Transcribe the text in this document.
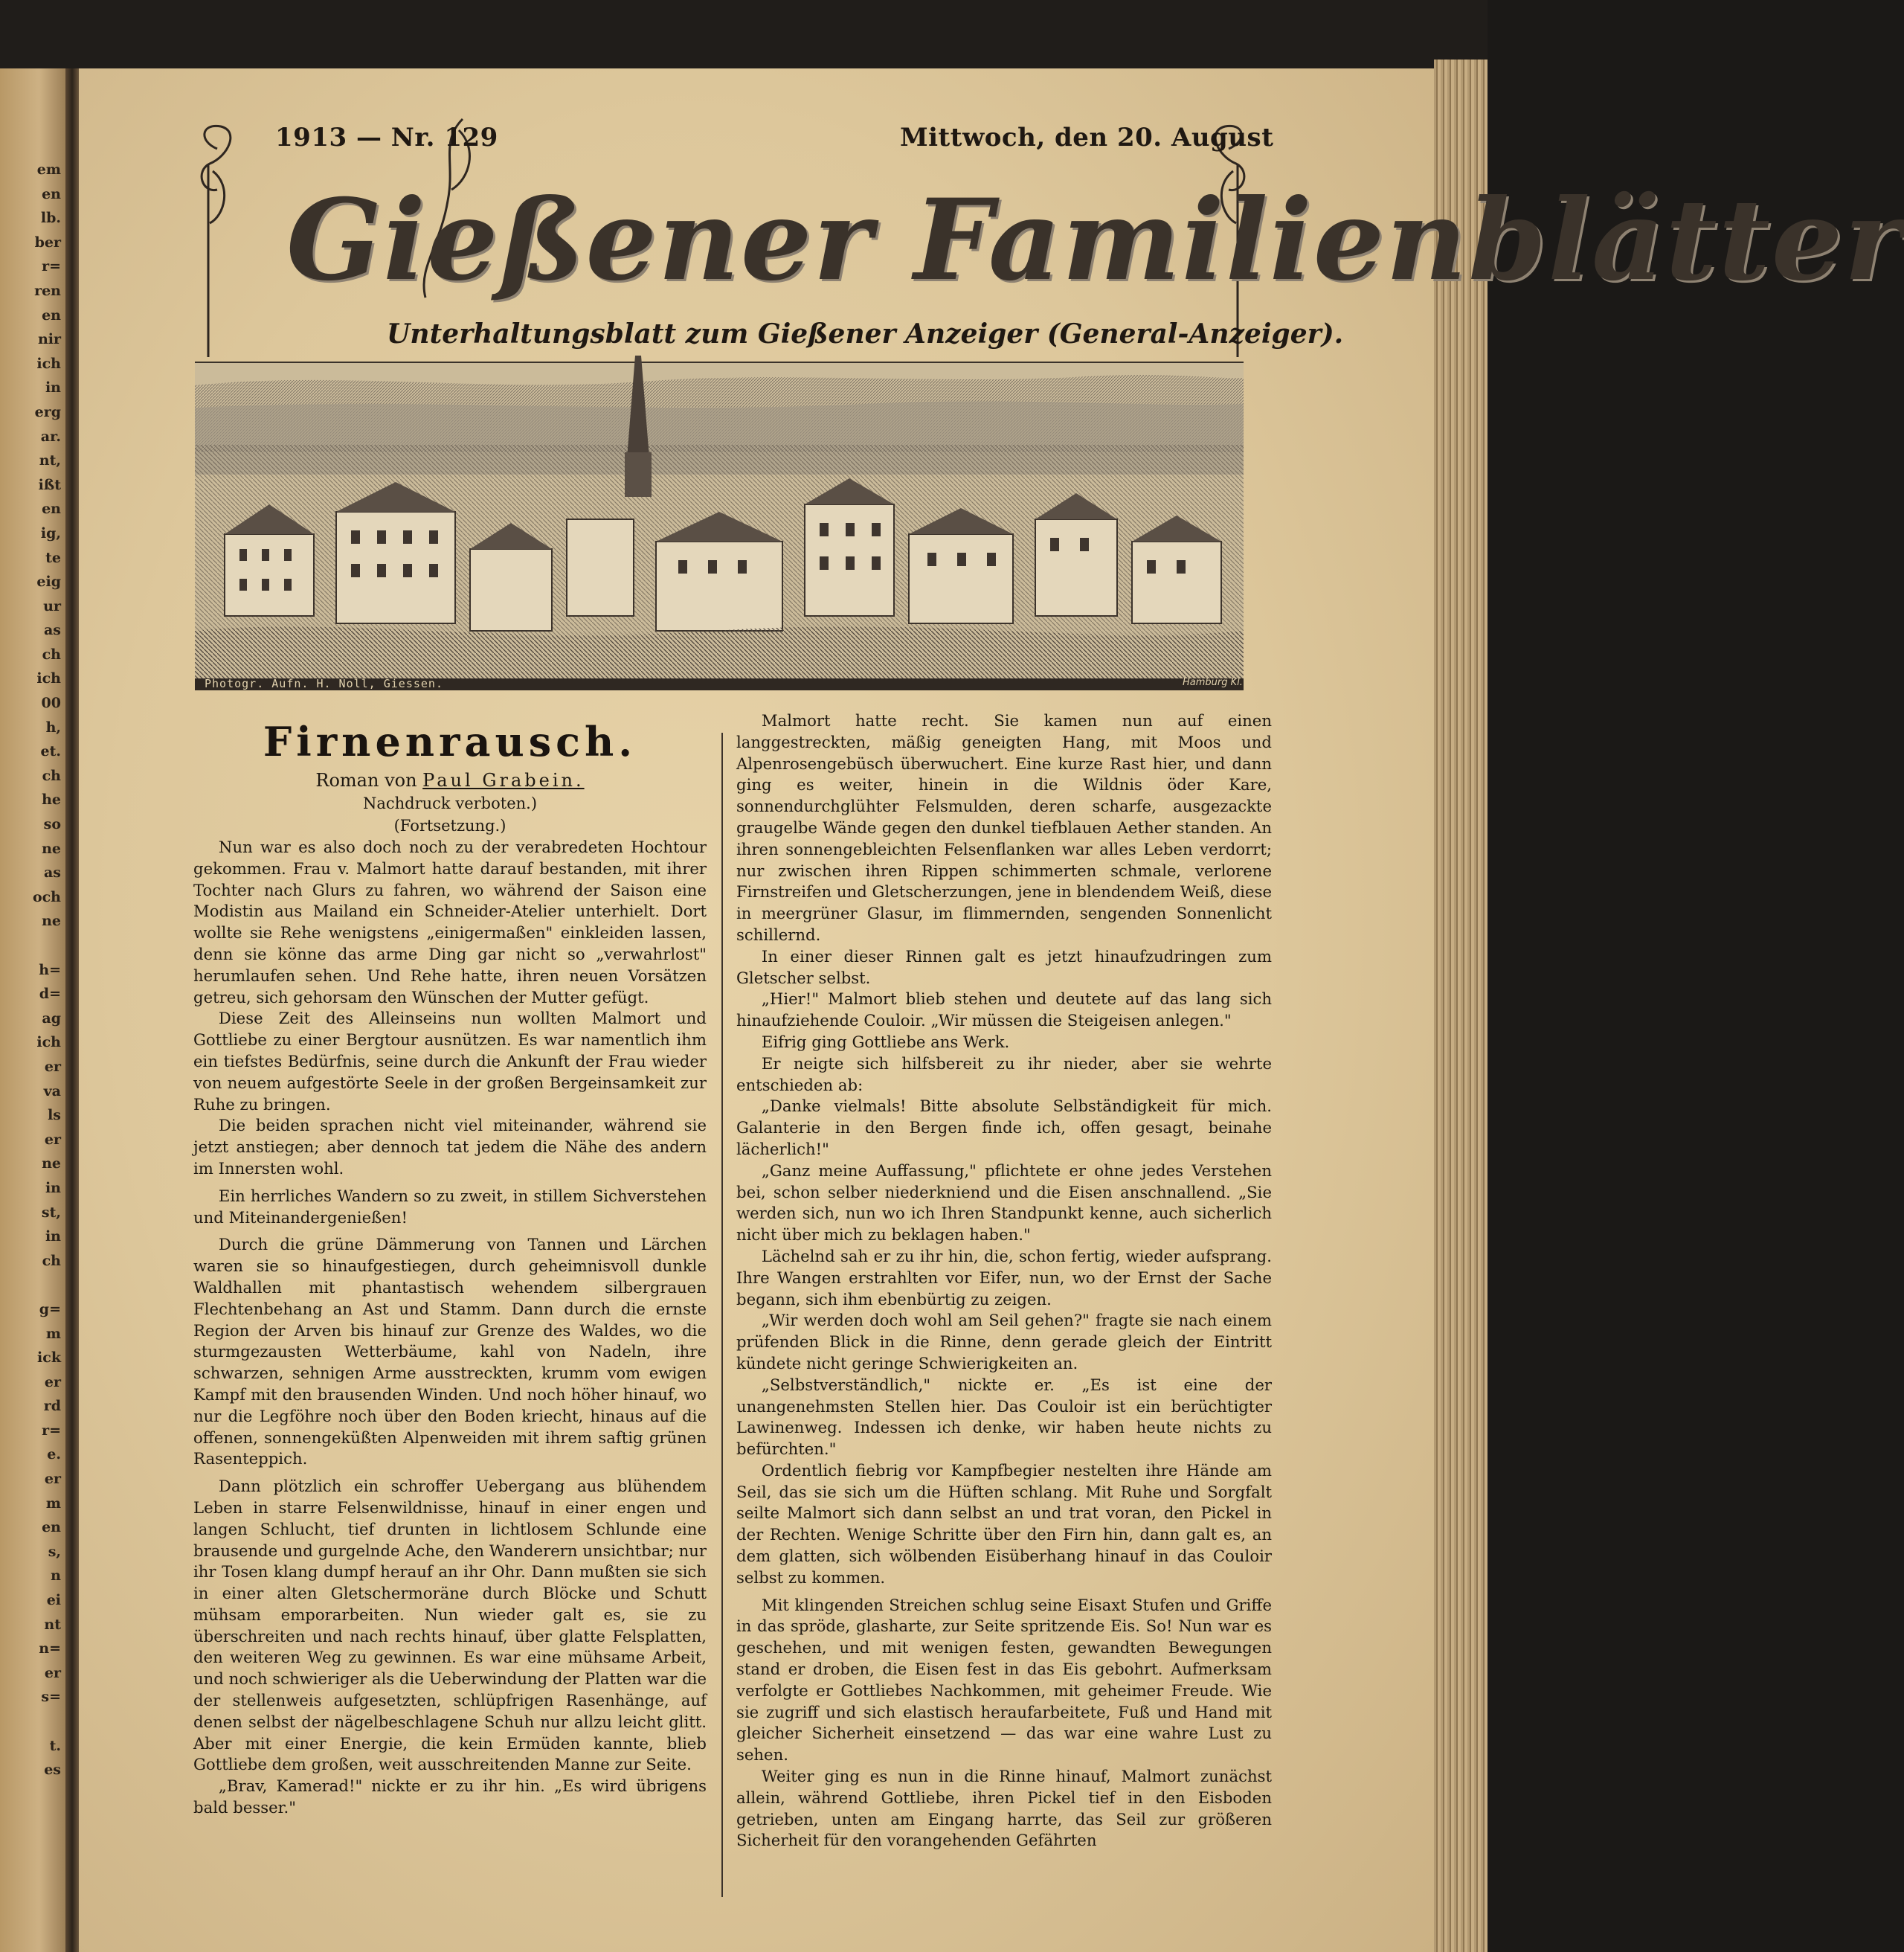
em
en
lb.
ber
r=
ren
en
nir
ich
in
erg
ar.
nt,
ißt
en
ig,
te
eig
ur
as
ch
ich
00
h,
et.
ch
he
so
ne
as
och
ne
h=
d=
ag
ich
er
va
ls
er
ne
in
st,
in
ch
g=
m
ick
er
rd
r=
e.
er
m
en
s,
n
ei
nt
n=
er
s=
t.
es
1913 — Nr. 129	Mittwoch, den 20. August
Gießener Familienblätter
Unterhaltungsblatt zum Gießener Anzeiger (General-Anzeiger).
Photogr. Aufn. H. Noll, Giessen.	Hamburg Kl.
Firnenrausch.

Roman von Paul Grabein.

Nachdruck verboten.)

(Fortsetzung.)

Nun war es also doch noch zu der verabredeten Hochtour gekommen. Frau v. Malmort hatte darauf bestanden, mit ihrer Tochter nach Glurs zu fahren, wo während der Saison eine Modistin aus Mailand ein Schneider-Atelier unterhielt. Dort wollte sie Rehe wenigstens „einigermaßen" einkleiden lassen, denn sie könne das arme Ding gar nicht so „verwahrlost" herumlaufen sehen. Und Rehe hatte, ihren neuen Vorsätzen getreu, sich gehorsam den Wünschen der Mutter gefügt.

Diese Zeit des Alleinseins nun wollten Malmort und Gottliebe zu einer Bergtour ausnützen. Es war namentlich ihm ein tiefstes Bedürfnis, seine durch die Ankunft der Frau wieder von neuem aufgestörte Seele in der großen Bergeinsamkeit zur Ruhe zu bringen.

Die beiden sprachen nicht viel miteinander, während sie jetzt anstiegen; aber dennoch tat jedem die Nähe des andern im Innersten wohl.

Ein herrliches Wandern so zu zweit, in stillem Sichverstehen und Miteinandergenießen!

Durch die grüne Dämmerung von Tannen und Lärchen waren sie so hinaufgestiegen, durch geheimnisvoll dunkle Waldhallen mit phantastisch wehendem silbergrauen Flechtenbehang an Ast und Stamm. Dann durch die ernste Region der Arven bis hinauf zur Grenze des Waldes, wo die sturmgezausten Wetterbäume, kahl von Nadeln, ihre schwarzen, sehnigen Arme ausstreckten, krumm vom ewigen Kampf mit den brausenden Winden. Und noch höher hinauf, wo nur die Legföhre noch über den Boden kriecht, hinaus auf die offenen, sonnengeküßten Alpenweiden mit ihrem saftig grünen Rasenteppich.

Dann plötzlich ein schroffer Uebergang aus blühendem Leben in starre Felsenwildnisse, hinauf in einer engen und langen Schlucht, tief drunten in lichtlosem Schlunde eine brausende und gurgelnde Ache, den Wanderern unsichtbar; nur ihr Tosen klang dumpf herauf an ihr Ohr. Dann mußten sie sich in einer alten Gletschermoräne durch Blöcke und Schutt mühsam emporarbeiten. Nun wieder galt es, sie zu überschreiten und nach rechts hinauf, über glatte Felsplatten, den weiteren Weg zu gewinnen. Es war eine mühsame Arbeit, und noch schwieriger als die Ueberwindung der Platten war die der stellenweis aufgesetzten, schlüpfrigen Rasenhänge, auf denen selbst der nägelbeschlagene Schuh nur allzu leicht glitt. Aber mit einer Energie, die kein Ermüden kannte, blieb Gottliebe dem großen, weit ausschreitenden Manne zur Seite.

„Brav, Kamerad!" nickte er zu ihr hin. „Es wird übrigens bald besser."

Malmort hatte recht. Sie kamen nun auf einen langgestreckten, mäßig geneigten Hang, mit Moos und Alpenrosengebüsch überwuchert. Eine kurze Rast hier, und dann ging es weiter, hinein in die Wildnis öder Kare, sonnendurchglühter Felsmulden, deren scharfe, ausgezackte graugelbe Wände gegen den dunkel tiefblauen Aether standen. An ihren sonnengebleichten Felsenflanken war alles Leben verdorrt; nur zwischen ihren Rippen schimmerten schmale, verlorene Firnstreifen und Gletscherzungen, jene in blendendem Weiß, diese in meergrüner Glasur, im flimmernden, sengenden Sonnenlicht schillernd.

In einer dieser Rinnen galt es jetzt hinaufzudringen zum Gletscher selbst.

„Hier!" Malmort blieb stehen und deutete auf das lang sich hinaufziehende Couloir. „Wir müssen die Steigeisen anlegen."

Eifrig ging Gottliebe ans Werk.

Er neigte sich hilfsbereit zu ihr nieder, aber sie wehrte entschieden ab:

„Danke vielmals! Bitte absolute Selbständigkeit für mich. Galanterie in den Bergen finde ich, offen gesagt, beinahe lächerlich!"

„Ganz meine Auffassung," pflichtete er ohne jedes Verstehen bei, schon selber niederkniend und die Eisen anschnallend. „Sie werden sich, nun wo ich Ihren Standpunkt kenne, auch sicherlich nicht über mich zu beklagen haben."

Lächelnd sah er zu ihr hin, die, schon fertig, wieder aufsprang. Ihre Wangen erstrahlten vor Eifer, nun, wo der Ernst der Sache begann, sich ihm ebenbürtig zu zeigen.

„Wir werden doch wohl am Seil gehen?" fragte sie nach einem prüfenden Blick in die Rinne, denn gerade gleich der Eintritt kündete nicht geringe Schwierigkeiten an.

„Selbstverständlich," nickte er. „Es ist eine der unangenehmsten Stellen hier. Das Couloir ist ein berüchtigter Lawinenweg. Indessen ich denke, wir haben heute nichts zu befürchten."

Ordentlich fiebrig vor Kampfbegier nestelten ihre Hände am Seil, das sie sich um die Hüften schlang. Mit Ruhe und Sorgfalt seilte Malmort sich dann selbst an und trat voran, den Pickel in der Rechten. Wenige Schritte über den Firn hin, dann galt es, an dem glatten, sich wölbenden Eisüberhang hinauf in das Couloir selbst zu kommen.

Mit klingenden Streichen schlug seine Eisaxt Stufen und Griffe in das spröde, glasharte, zur Seite spritzende Eis. So! Nun war es geschehen, und mit wenigen festen, gewandten Bewegungen stand er droben, die Eisen fest in das Eis gebohrt. Aufmerksam verfolgte er Gottliebes Nachkommen, mit geheimer Freude. Wie sie zugriff und sich elastisch heraufarbeitete, Fuß und Hand mit gleicher Sicherheit einsetzend — das war eine wahre Lust zu sehen.

Weiter ging es nun in die Rinne hinauf, Malmort zunächst allein, während Gottliebe, ihren Pickel tief in den Eisboden getrieben, unten am Eingang harrte, das Seil zur größeren Sicherheit für den vorangehenden Gefährten
